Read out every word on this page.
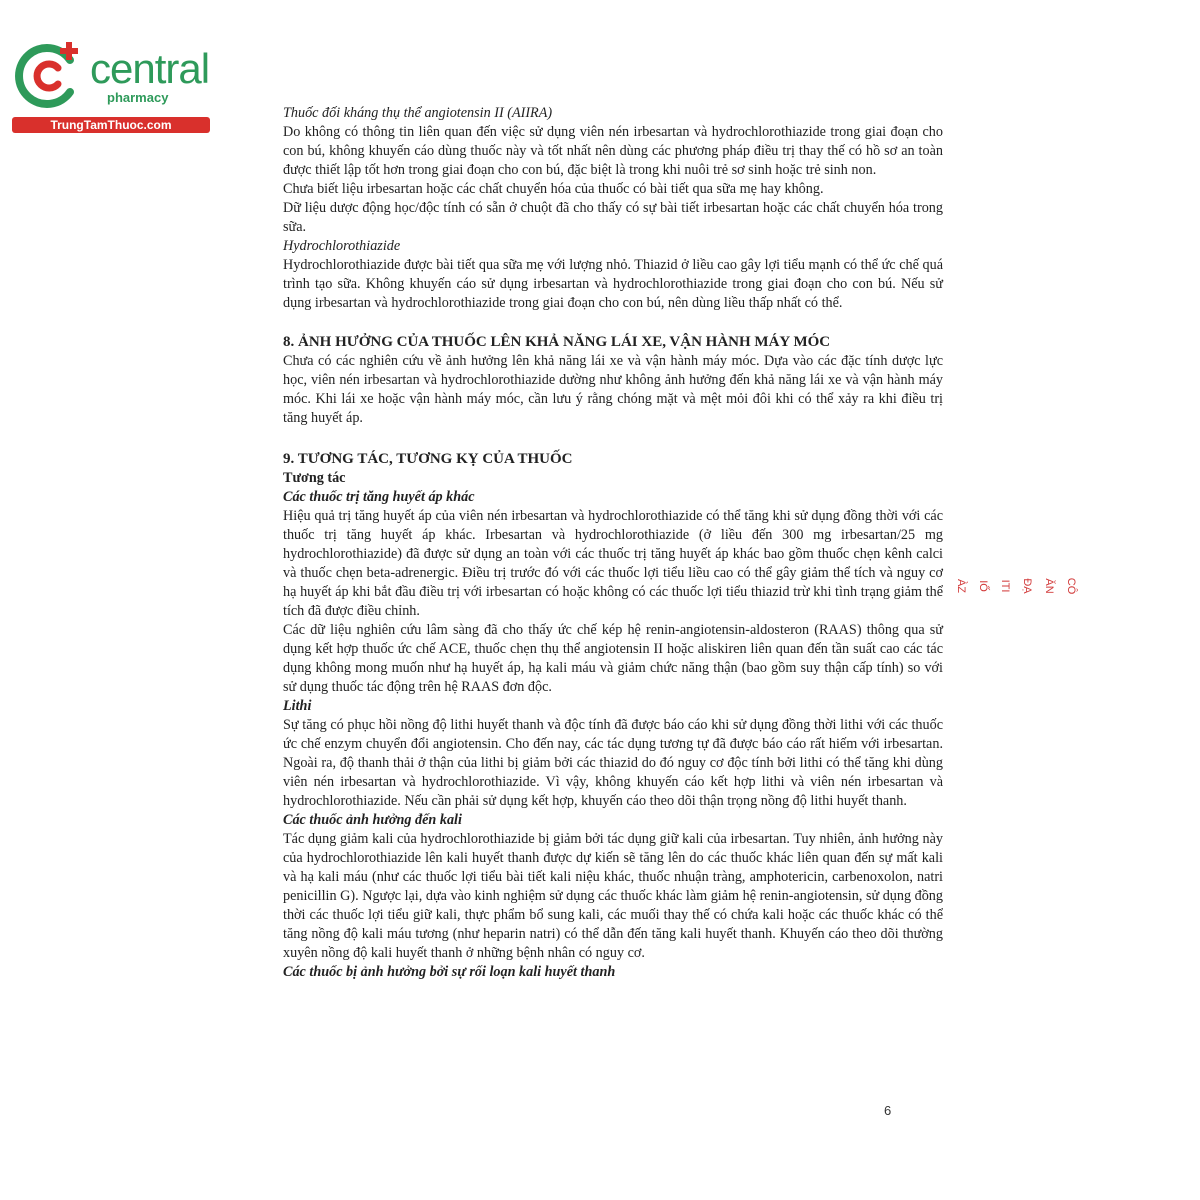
central
pharmacy
TrungTamThuoc.com

Thuốc đối kháng thụ thể angiotensin II (AIIRA)

Do không có thông tin liên quan đến việc sử dụng viên nén irbesartan và hydrochlorothiazide trong giai đoạn cho con bú, không khuyến cáo dùng thuốc này và tốt nhất nên dùng các phương pháp điều trị thay thế có hồ sơ an toàn được thiết lập tốt hơn trong giai đoạn cho con bú, đặc biệt là trong khi nuôi trẻ sơ sinh hoặc trẻ sinh non.

Chưa biết liệu irbesartan hoặc các chất chuyển hóa của thuốc có bài tiết qua sữa mẹ hay không.

Dữ liệu dược động học/độc tính có sẵn ở chuột đã cho thấy có sự bài tiết irbesartan hoặc các chất chuyển hóa trong sữa.

Hydrochlorothiazide

Hydrochlorothiazide được bài tiết qua sữa mẹ với lượng nhỏ. Thiazid ở liều cao gây lợi tiểu mạnh có thể ức chế quá trình tạo sữa. Không khuyến cáo sử dụng irbesartan và hydrochlorothiazide trong giai đoạn cho con bú. Nếu sử dụng irbesartan và hydrochlorothiazide trong giai đoạn cho con bú, nên dùng liều thấp nhất có thể.

8. ẢNH HƯỞNG CỦA THUỐC LÊN KHẢ NĂNG LÁI XE, VẬN HÀNH MÁY MÓC

Chưa có các nghiên cứu về ảnh hưởng lên khả năng lái xe và vận hành máy móc. Dựa vào các đặc tính dược lực học, viên nén irbesartan và hydrochlorothiazide dường như không ảnh hưởng đến khả năng lái xe và vận hành máy móc. Khi lái xe hoặc vận hành máy móc, cần lưu ý rằng chóng mặt và mệt mỏi đôi khi có thể xảy ra khi điều trị tăng huyết áp.

9. TƯƠNG TÁC, TƯƠNG KỴ CỦA THUỐC

Tương tác

Các thuốc trị tăng huyết áp khác

Hiệu quả trị tăng huyết áp của viên nén irbesartan và hydrochlorothiazide có thể tăng khi sử dụng đồng thời với các thuốc trị tăng huyết áp khác. Irbesartan và hydrochlorothiazide (ở liều đến 300 mg irbesartan/25 mg hydrochlorothiazide) đã được sử dụng an toàn với các thuốc trị tăng huyết áp khác bao gồm thuốc chẹn kênh calci và thuốc chẹn beta-adrenergic. Điều trị trước đó với các thuốc lợi tiểu liều cao có thể gây giảm thể tích và nguy cơ hạ huyết áp khi bắt đầu điều trị với irbesartan có hoặc không có các thuốc lợi tiểu thiazid trừ khi tình trạng giảm thể tích đã được điều chỉnh.

Các dữ liệu nghiên cứu lâm sàng đã cho thấy ức chế kép hệ renin-angiotensin-aldosteron (RAAS) thông qua sử dụng kết hợp thuốc ức chế ACE, thuốc chẹn thụ thể angiotensin II hoặc aliskiren liên quan đến tần suất cao các tác dụng không mong muốn như hạ huyết áp, hạ kali máu và giảm chức năng thận (bao gồm suy thận cấp tính) so với sử dụng thuốc tác động trên hệ RAAS đơn độc.

Lithi

Sự tăng có phục hồi nồng độ lithi huyết thanh và độc tính đã được báo cáo khi sử dụng đồng thời lithi với các thuốc ức chế enzym chuyển đổi angiotensin. Cho đến nay, các tác dụng tương tự đã được báo cáo rất hiếm với irbesartan. Ngoài ra, độ thanh thải ở thận của lithi bị giảm bởi các thiazid do đó nguy cơ độc tính bởi lithi có thể tăng khi dùng viên nén irbesartan và hydrochlorothiazide. Vì vậy, không khuyến cáo kết hợp lithi và viên nén irbesartan và hydrochlorothiazide. Nếu cần phải sử dụng kết hợp, khuyến cáo theo dõi thận trọng nồng độ lithi huyết thanh.

Các thuốc ảnh hưởng đến kali

Tác dụng giảm kali của hydrochlorothiazide bị giảm bởi tác dụng giữ kali của irbesartan. Tuy nhiên, ảnh hưởng này của hydrochlorothiazide lên kali huyết thanh được dự kiến sẽ tăng lên do các thuốc khác liên quan đến sự mất kali và hạ kali máu (như các thuốc lợi tiểu bài tiết kali niệu khác, thuốc nhuận tràng, amphotericin, carbenoxolon, natri penicillin G). Ngược lại, dựa vào kinh nghiệm sử dụng các thuốc khác làm giảm hệ renin-angiotensin, sử dụng đồng thời các thuốc lợi tiểu giữ kali, thực phẩm bổ sung kali, các muối thay thế có chứa kali hoặc các thuốc khác có thể tăng nồng độ kali máu tương (như heparin natri) có thể dẫn đến tăng kali huyết thanh. Khuyến cáo theo dõi thường xuyên nồng độ kali huyết thanh ở những bệnh nhân có nguy cơ.

Các thuốc bị ảnh hưởng bởi sự rối loạn kali huyết thanh

CÔ
ĂN
ĐẠ
ITI
IỐ
ÀZ
6
